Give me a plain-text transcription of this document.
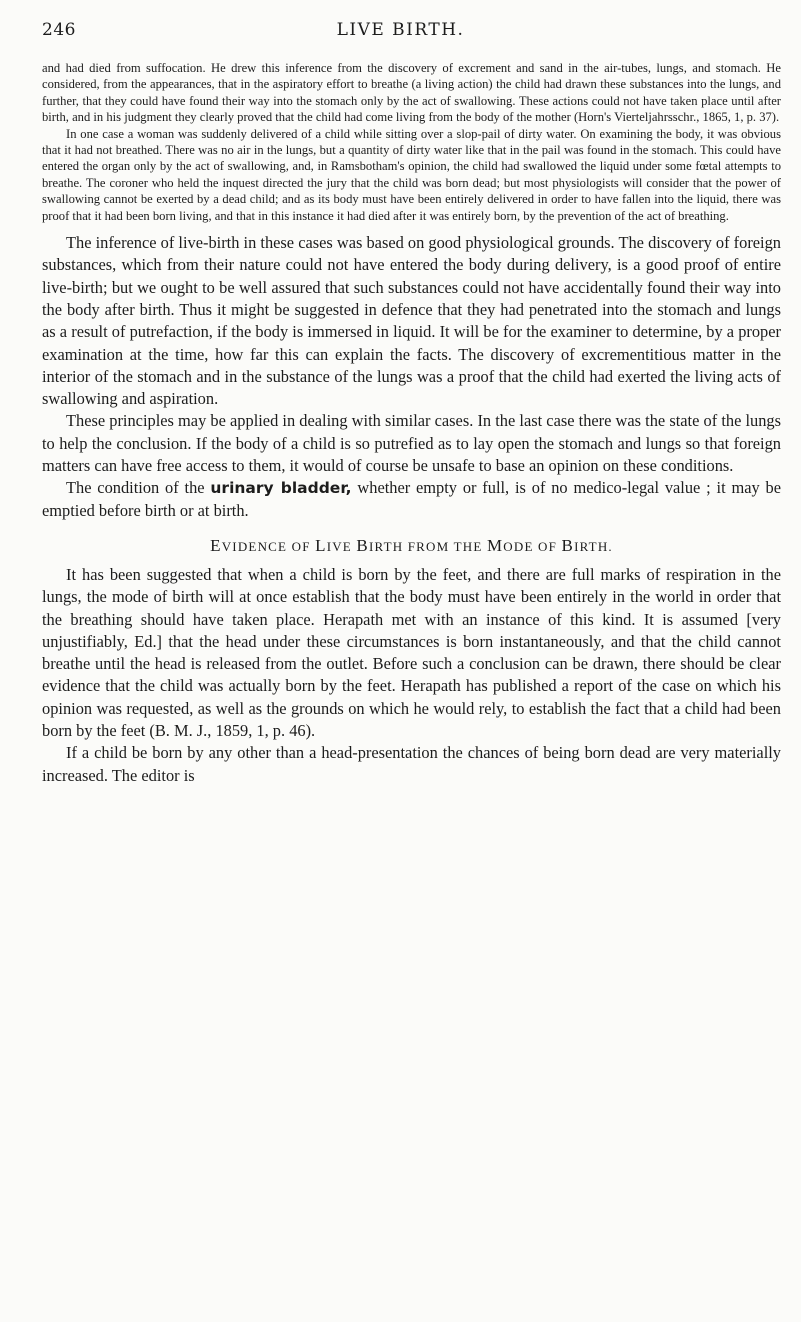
246	LIVE BIRTH.

and had died from suffocation. He drew this inference from the discovery of excrement and sand in the air-tubes, lungs, and stomach. He considered, from the appearances, that in the aspiratory effort to breathe (a living action) the child had drawn these substances into the lungs, and further, that they could have found their way into the stomach only by the act of swallowing. These actions could not have taken place until after birth, and in his judgment they clearly proved that the child had come living from the body of the mother (Horn's Vierteljahrsschr., 1865, 1, p. 37).

In one case a woman was suddenly delivered of a child while sitting over a slop-pail of dirty water. On examining the body, it was obvious that it had not breathed. There was no air in the lungs, but a quantity of dirty water like that in the pail was found in the stomach. This could have entered the organ only by the act of swallowing, and, in Ramsbotham's opinion, the child had swallowed the liquid under some fœtal attempts to breathe. The coroner who held the inquest directed the jury that the child was born dead; but most physiologists will consider that the power of swallowing cannot be exerted by a dead child; and as its body must have been entirely delivered in order to have fallen into the liquid, there was proof that it had been born living, and that in this instance it had died after it was entirely born, by the prevention of the act of breathing.

The inference of live-birth in these cases was based on good physiological grounds. The discovery of foreign substances, which from their nature could not have entered the body during delivery, is a good proof of entire live-birth; but we ought to be well assured that such substances could not have accidentally found their way into the body after birth. Thus it might be suggested in defence that they had penetrated into the stomach and lungs as a result of putrefaction, if the body is immersed in liquid. It will be for the examiner to determine, by a proper examination at the time, how far this can explain the facts. The discovery of excrementitious matter in the interior of the stomach and in the substance of the lungs was a proof that the child had exerted the living acts of swallowing and aspiration.

These principles may be applied in dealing with similar cases. In the last case there was the state of the lungs to help the conclusion. If the body of a child is so putrefied as to lay open the stomach and lungs so that foreign matters can have free access to them, it would of course be unsafe to base an opinion on these conditions.

The condition of the urinary bladder, whether empty or full, is of no medico-legal value ; it may be emptied before birth or at birth.

EVIDENCE OF LIVE BIRTH FROM THE MODE OF BIRTH.

It has been suggested that when a child is born by the feet, and there are full marks of respiration in the lungs, the mode of birth will at once establish that the body must have been entirely in the world in order that the breathing should have taken place. Herapath met with an instance of this kind. It is assumed [very unjustifiably, Ed.] that the head under these circumstances is born instantaneously, and that the child cannot breathe until the head is released from the outlet. Before such a conclusion can be drawn, there should be clear evidence that the child was actually born by the feet. Herapath has published a report of the case on which his opinion was requested, as well as the grounds on which he would rely, to establish the fact that a child had been born by the feet (B. M. J., 1859, 1, p. 46).

If a child be born by any other than a head-presentation the chances of being born dead are very materially increased. The editor is
